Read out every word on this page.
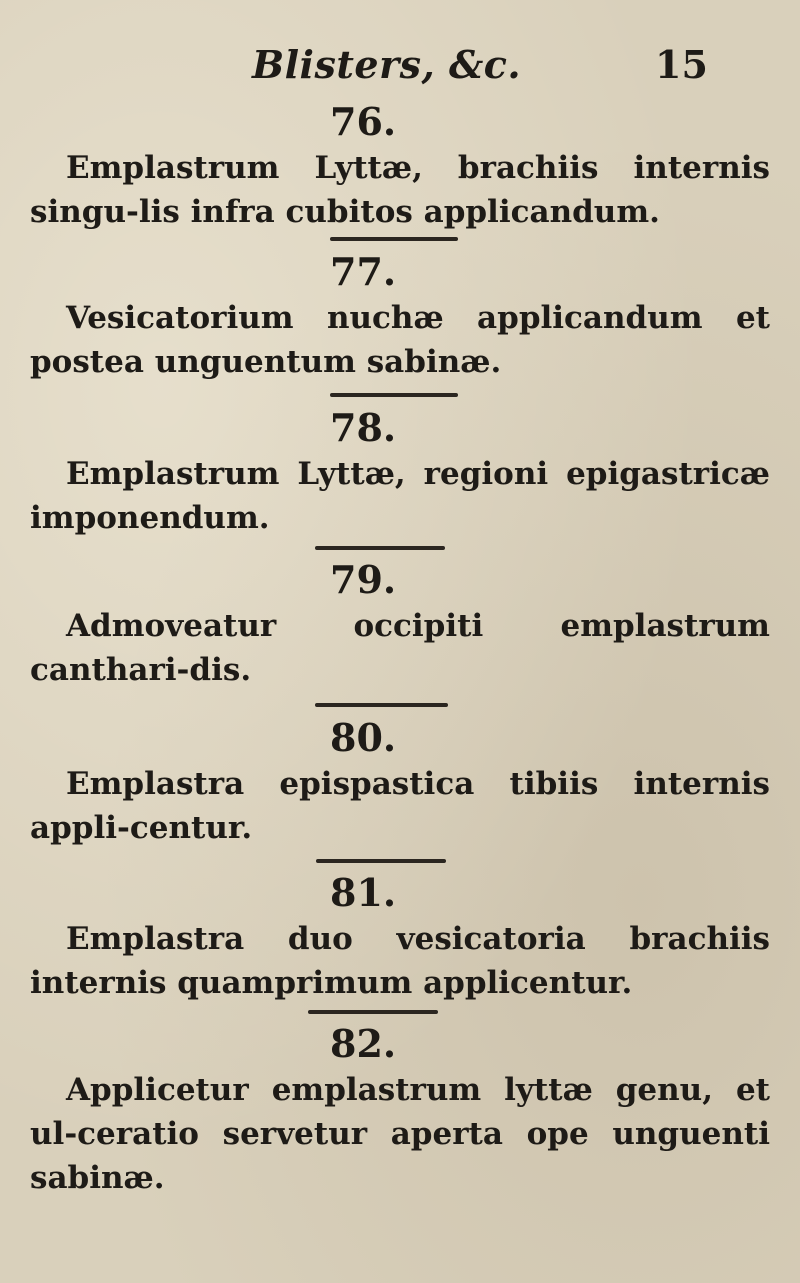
Blisters, &c.	15
76.
Emplastrum Lyttæ, brachiis internis singu-lis infra cubitos applicandum.
77.
Vesicatorium nuchæ applicandum et postea unguentum sabinæ.
78.
Emplastrum Lyttæ, regioni epigastricæ imponendum.
79.
Admoveatur occipiti emplastrum canthari-dis.
80.
Emplastra epispastica tibiis internis appli-centur.
81.
Emplastra duo vesicatoria brachiis internis quamprimum applicentur.
82.
Applicetur emplastrum lyttæ genu, et ul-ceratio servetur aperta ope unguenti sabinæ.
